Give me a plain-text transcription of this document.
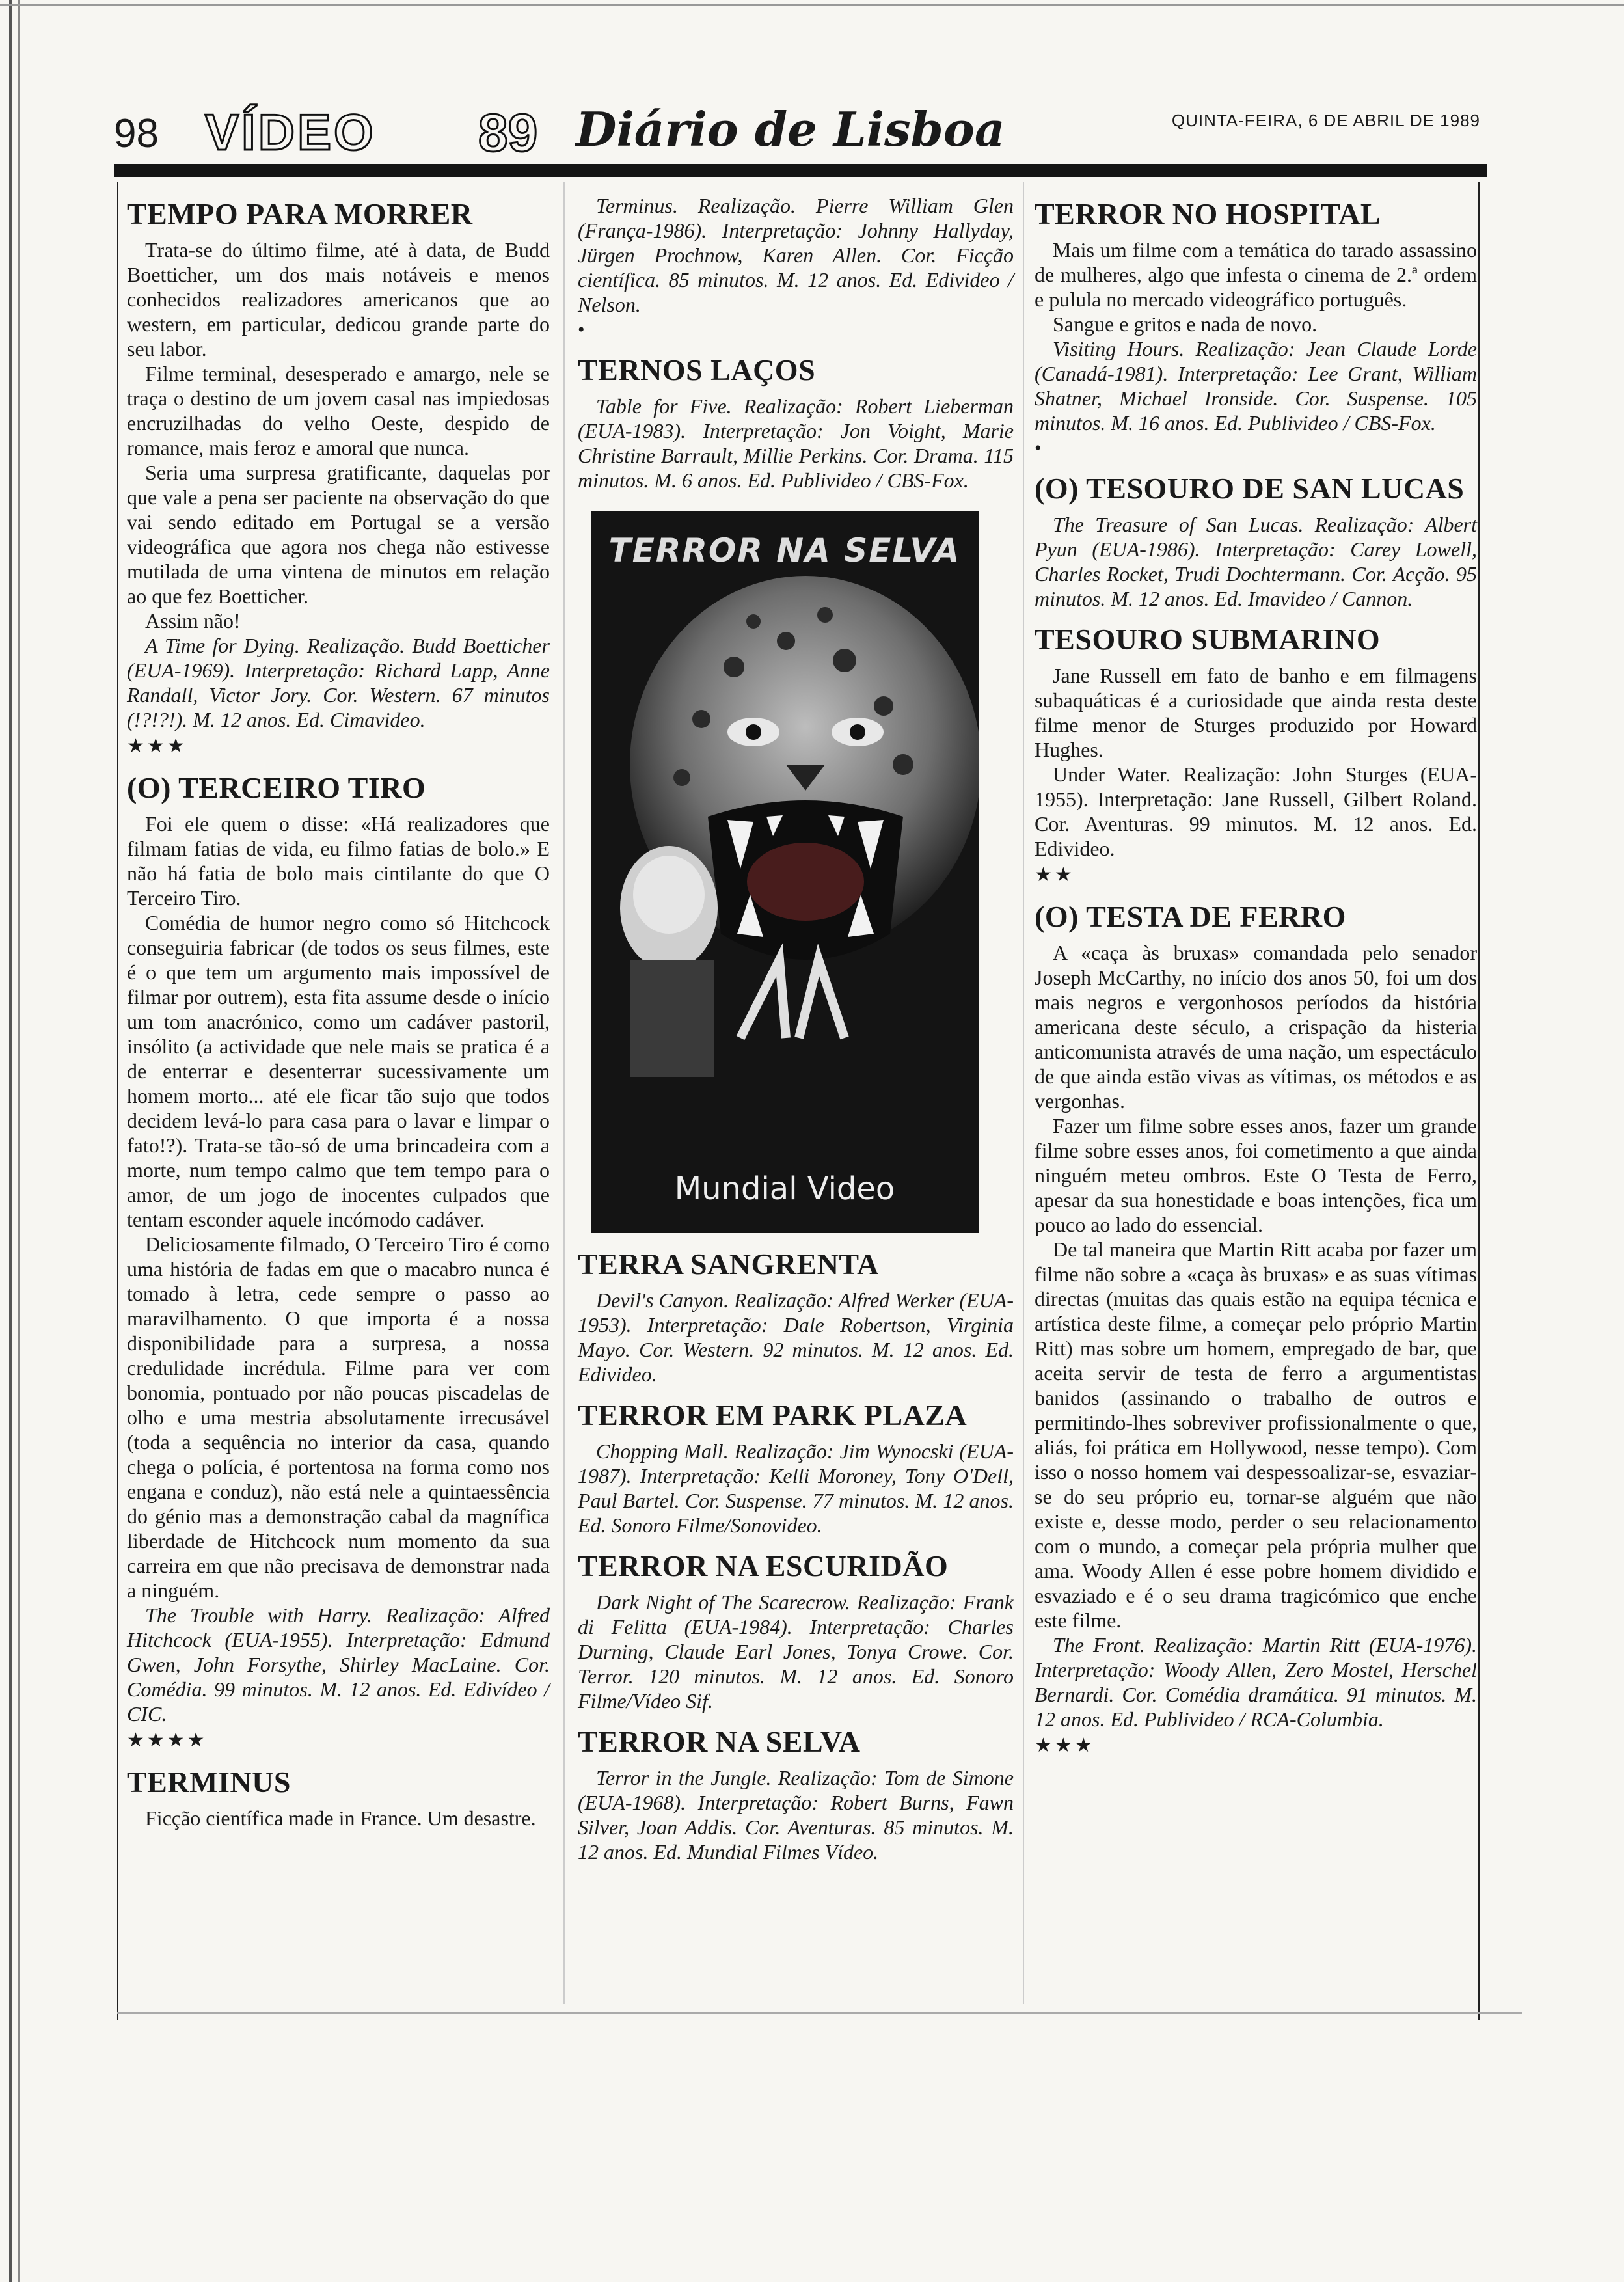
98 VÍDEO 89 Diário de Lisboa	QUINTA-FEIRA, 6 DE ABRIL DE 1989
TEMPO PARA MORRER

Trata-se do último filme, até à data, de Budd Boetticher, um dos mais notáveis e menos conhecidos realizadores americanos que ao western, em particular, dedicou grande parte do seu labor.

Filme terminal, desesperado e amargo, nele se traça o destino de um jovem casal nas impiedosas encruzilhadas do velho Oeste, despido de romance, mais feroz e amoral que nunca.

Seria uma surpresa gratificante, daquelas por que vale a pena ser paciente na observação do que vai sendo editado em Portugal se a versão videográfica que agora nos chega não estivesse mutilada de uma vintena de minutos em relação ao que fez Boetticher.

Assim não!

A Time for Dying. Realização. Budd Boetticher (EUA-1969). Interpretação: Richard Lapp, Anne Randall, Victor Jory. Cor. Western. 67 minutos (!?!?!). M. 12 anos. Ed. Cimavideo.

★★★
(O) TERCEIRO TIRO

Foi ele quem o disse: «Há realizadores que filmam fatias de vida, eu filmo fatias de bolo.» E não há fatia de bolo mais cintilante do que O Terceiro Tiro.

Comédia de humor negro como só Hitchcock conseguiria fabricar (de todos os seus filmes, este é o que tem um argumento mais impossível de filmar por outrem), esta fita assume desde o início um tom anacrónico, como um cadáver pastoril, insólito (a actividade que nele mais se pratica é a de enterrar e desenterrar sucessivamente um homem morto... até ele ficar tão sujo que todos decidem levá-lo para casa para o lavar e limpar o fato!?). Trata-se tão-só de uma brincadeira com a morte, num tempo calmo que tem tempo para o amor, de um jogo de inocentes culpados que tentam esconder aquele incómodo cadáver.

Deliciosamente filmado, O Terceiro Tiro é como uma história de fadas em que o macabro nunca é tomado à letra, cede sempre o passo ao maravilhamento. O que importa é a nossa disponibilidade para a surpresa, a nossa credulidade incrédula. Filme para ver com bonomia, pontuado por não poucas piscadelas de olho e uma mestria absolutamente irrecusável (toda a sequência no interior da casa, quando chega o polícia, é portentosa na forma como nos engana e conduz), não está nele a quintaessência do génio mas a demonstração cabal da magnífica liberdade de Hitchcock num momento da sua carreira em que não precisava de demonstrar nada a ninguém.

The Trouble with Harry. Realização: Alfred Hitchcock (EUA-1955). Interpretação: Edmund Gwen, John Forsythe, Shirley MacLaine. Cor. Comédia. 99 minutos. M. 12 anos. Ed. Edivídeo / CIC.

★★★★
TERMINUS

Ficção científica made in France. Um desastre.

Terminus. Realização. Pierre William Glen (França-1986). Interpretação: Johnny Hallyday, Jürgen Prochnow, Karen Allen. Cor. Ficção científica. 85 minutos. M. 12 anos. Ed. Edivideo / Nelson.

•
TERNOS LAÇOS

Table for Five. Realização: Robert Lieberman (EUA-1983). Interpretação: Jon Voight, Marie Christine Barrault, Millie Perkins. Cor. Drama. 115 minutos. M. 6 anos. Ed. Publivideo / CBS-Fox.

TERROR NA SELVA
Mundial Video
TERRA SANGRENTA

Devil's Canyon. Realização: Alfred Werker (EUA-1953). Interpretação: Dale Robertson, Virginia Mayo. Cor. Western. 92 minutos. M. 12 anos. Ed. Edivideo.

TERROR EM PARK PLAZA

Chopping Mall. Realização: Jim Wynocski (EUA-1987). Interpretação: Kelli Moroney, Tony O'Dell, Paul Bartel. Cor. Suspense. 77 minutos. M. 12 anos. Ed. Sonoro Filme/Sonovideo.

TERROR NA ESCURIDÃO

Dark Night of The Scarecrow. Realização: Frank di Felitta (EUA-1984). Interpretação: Charles Durning, Claude Earl Jones, Tonya Crowe. Cor. Terror. 120 minutos. M. 12 anos. Ed. Sonoro Filme/Vídeo Sif.

TERROR NA SELVA

Terror in the Jungle. Realização: Tom de Simone (EUA-1968). Interpretação: Robert Burns, Fawn Silver, Joan Addis. Cor. Aventuras. 85 minutos. M. 12 anos. Ed. Mundial Filmes Vídeo.

TERROR NO HOSPITAL

Mais um filme com a temática do tarado assassino de mulheres, algo que infesta o cinema de 2.ª ordem e pulula no mercado videográfico português.

Sangue e gritos e nada de novo.

Visiting Hours. Realização: Jean Claude Lorde (Canadá-1981). Interpretação: Lee Grant, William Shatner, Michael Ironside. Cor. Suspense. 105 minutos. M. 16 anos. Ed. Publivideo / CBS-Fox.

•
(O) TESOURO DE SAN LUCAS

The Treasure of San Lucas. Realização: Albert Pyun (EUA-1986). Interpretação: Carey Lowell, Charles Rocket, Trudi Dochtermann. Cor. Acção. 95 minutos. M. 12 anos. Ed. Imavideo / Cannon.

TESOURO SUBMARINO

Jane Russell em fato de banho e em filmagens subaquáticas é a curiosidade que ainda resta deste filme menor de Sturges produzido por Howard Hughes.

Under Water. Realização: John Sturges (EUA-1955). Interpretação: Jane Russell, Gilbert Roland. Cor. Aventuras. 99 minutos. M. 12 anos. Ed. Edivideo.

★★
(O) TESTA DE FERRO

A «caça às bruxas» comandada pelo senador Joseph McCarthy, no início dos anos 50, foi um dos mais negros e vergonhosos períodos da história americana deste século, a crispação da histeria anticomunista através de uma nação, um espectáculo de que ainda estão vivas as vítimas, os métodos e as vergonhas.

Fazer um filme sobre esses anos, fazer um grande filme sobre esses anos, foi cometimento a que ainda ninguém meteu ombros. Este O Testa de Ferro, apesar da sua honestidade e boas intenções, fica um pouco ao lado do essencial.

De tal maneira que Martin Ritt acaba por fazer um filme não sobre a «caça às bruxas» e as suas vítimas directas (muitas das quais estão na equipa técnica e artística deste filme, a começar pelo próprio Martin Ritt) mas sobre um homem, empregado de bar, que aceita servir de testa de ferro a argumentistas banidos (assinando o trabalho de outros e permitindo-lhes sobreviver profissionalmente o que, aliás, foi prática em Hollywood, nesse tempo). Com isso o nosso homem vai despessoalizar-se, esvaziar-se do seu próprio eu, tornar-se alguém que não existe e, desse modo, perder o seu relacionamento com o mundo, a começar pela própria mulher que ama. Woody Allen é esse pobre homem dividido e esvaziado e é o seu drama tragicómico que enche este filme.

The Front. Realização: Martin Ritt (EUA-1976). Interpretação: Woody Allen, Zero Mostel, Herschel Bernardi. Cor. Comédia dramática. 91 minutos. M. 12 anos. Ed. Publivideo / RCA-Columbia.

★★★
